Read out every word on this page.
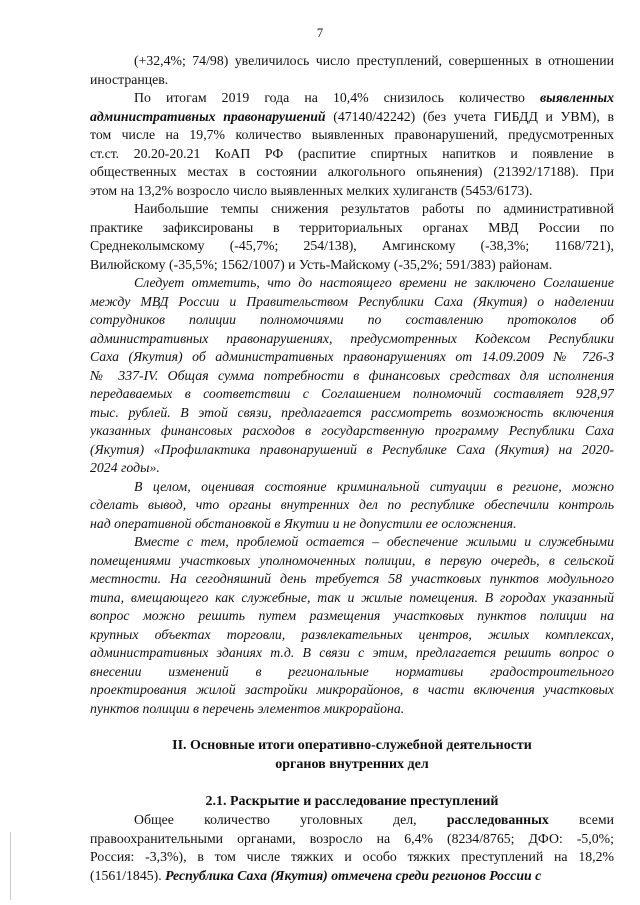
7
(+32,4%; 74/98) увеличилось число преступлений, совершенных в отношении
иностранцев.
По итогам 2019 года на 10,4% снизилось количество выявленных
административных правонарушений (47140/42242) (без учета ГИБДД и УВМ), в
том числе на 19,7% количество выявленных правонарушений, предусмотренных
ст.ст. 20.20-20.21 КоАП РФ (распитие спиртных напитков и появление в
общественных местах в состоянии алкогольного опьянения) (21392/17188). При
этом на 13,2% возросло число выявленных мелких хулиганств (5453/6173).
Наибольшие темпы снижения результатов работы по административной
практике зафиксированы в территориальных органах МВД России по
Среднеколымскому (-45,7%; 254/138), Амгинскому (-38,3%; 1168/721),
Вилюйскому (-35,5%; 1562/1007) и Усть-Майскому (-35,2%; 591/383) районам.
Следует отметить, что до настоящего времени не заключено Соглашение
между МВД России и Правительством Республики Саха (Якутия) о наделении
сотрудников полиции полномочиями по составлению протоколов об
административных правонарушениях, предусмотренных Кодексом Республики
Саха (Якутия) об административных правонарушениях от 14.09.2009 № 726-З
№ 337-IV. Общая сумма потребности в финансовых средствах для исполнения
передаваемых в соответствии с Соглашением полномочий составляет 928,97
тыс. рублей. В этой связи, предлагается рассмотреть возможность включения
указанных финансовых расходов в государственную программу Республики Саха
(Якутия) «Профилактика правонарушений в Республике Саха (Якутия) на 2020-
2024 годы».
В целом, оценивая состояние криминальной ситуации в регионе, можно
сделать вывод, что органы внутренних дел по республике обеспечили контроль
над оперативной обстановкой в Якутии и не допустили ее осложнения.
Вместе с тем, проблемой остается – обеспечение жилыми и служебными
помещениями участковых уполномоченных полиции, в первую очередь, в сельской
местности. На сегодняшний день требуется 58 участковых пунктов модульного
типа, вмещающего как служебные, так и жилые помещения. В городах указанный
вопрос можно решить путем размещения участковых пунктов полиции на
крупных объектах торговли, развлекательных центров, жилых комплексах,
административных зданиях т.д. В связи с этим, предлагается решить вопрос о
внесении изменений в региональные нормативы градостроительного
проектирования жилой застройки микрорайонов, в части включения участковых
пунктов полиции в перечень элементов микрорайона.
II. Основные итоги оперативно-служебной деятельности
органов внутренних дел
2.1. Раскрытие и расследование преступлений
Общее количество уголовных дел, расследованных всеми
правоохранительными органами, возросло на 6,4% (8234/8765; ДФО: -5,0%;
Россия: -3,3%), в том числе тяжких и особо тяжких преступлений на 18,2%
(1561/1845). Республика Саха (Якутия) отмечена среди регионов России с
